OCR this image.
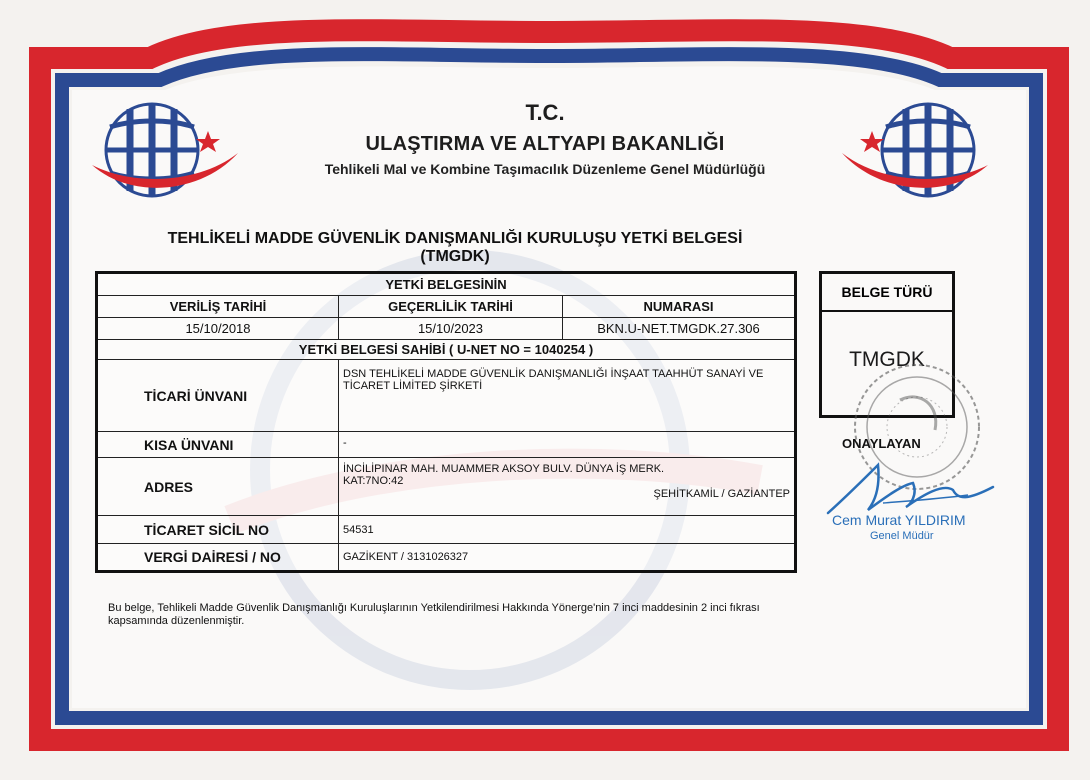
T.C.
ULAŞTIRMA VE ALTYAPI BAKANLIĞI
Tehlikeli Mal ve Kombine Taşımacılık Düzenleme Genel Müdürlüğü
TEHLİKELİ MADDE GÜVENLİK DANIŞMANLIĞI KURULUŞU YETKİ BELGESİ
(TMGDK)
YETKİ BELGESİNİN		
VERİLİŞ TARİHİ	GEÇERLİLİK TARİHİ	NUMARASI
15/10/2018	15/10/2023	BKN.U-NET.TMGDK.27.306
YETKİ BELGESİ SAHİBİ ( U-NET NO = 1040254 )		
TİCARİ ÜNVANI	DSN TEHLİKELİ MADDE GÜVENLİK DANIŞMANLIĞI İNŞAAT TAAHHÜT SANAYİ VE TİCARET LİMİTED ŞİRKETİ	
KISA ÜNVANI	-	
ADRES	İNCİLİPINAR MAH. MUAMMER AKSOY BULV. DÜNYA İŞ MERK. KAT:7NO:42
ŞEHİTKAMİL / GAZİANTEP	

TİCARET SİCİL NO	54531	
VERGİ DAİRESİ / NO	GAZİKENT / 3131026327	
BELGE TÜRÜ
TMGDK
ONAYLAYAN
Cem Murat YILDIRIM
Genel Müdür
Bu belge, Tehlikeli Madde Güvenlik Danışmanlığı Kuruluşlarının Yetkilendirilmesi Hakkında Yönerge'nin 7 inci maddesinin 2 inci fıkrası kapsamında düzenlenmiştir.
